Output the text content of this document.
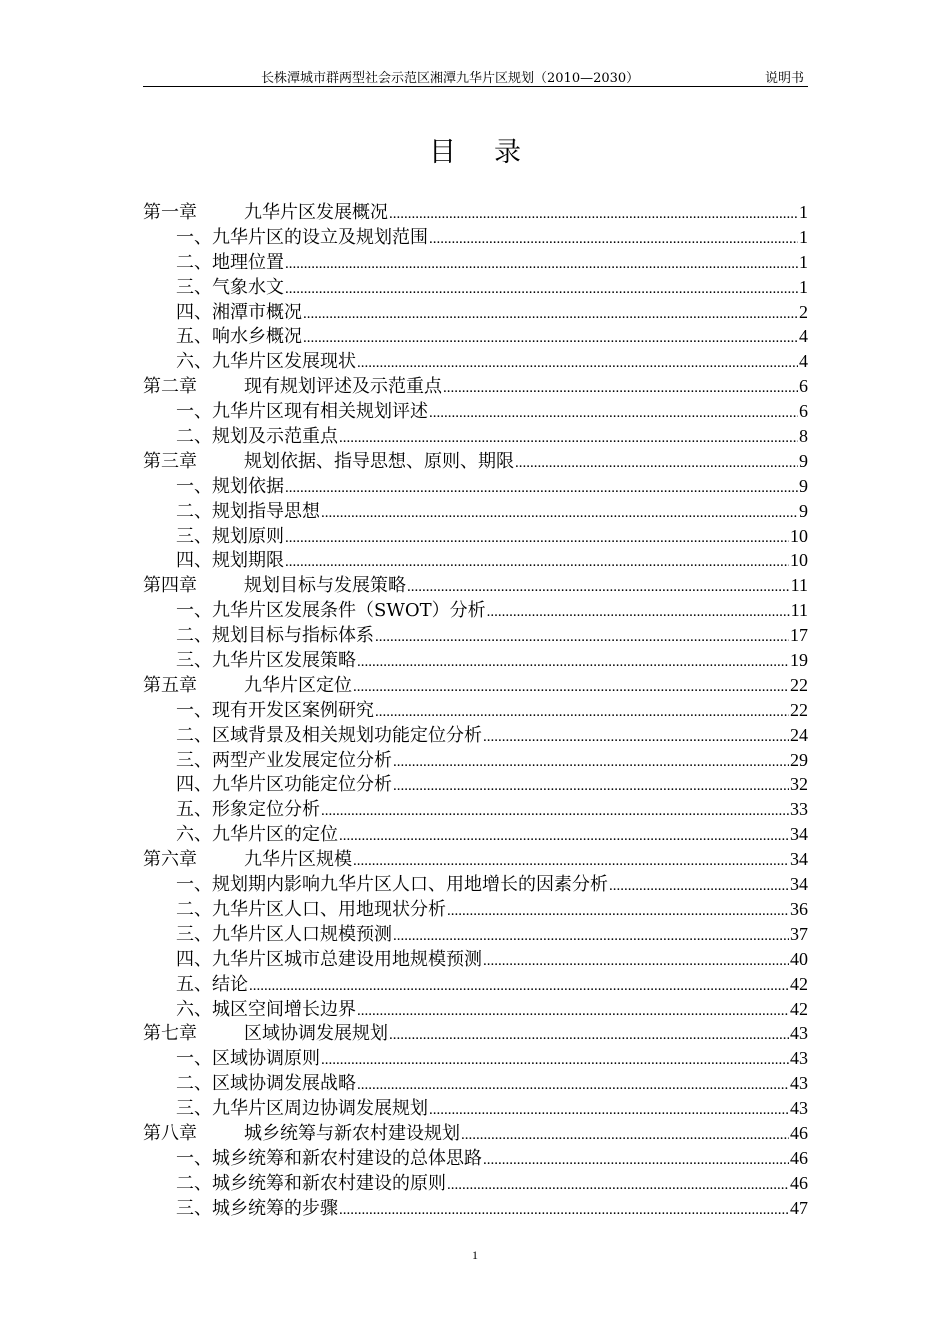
长株潭城市群两型社会示范区湘潭九华片区规划（2010—2030）	说明书
目录
第一章	九华片区发展概况 .....	1
一、九华片区的设立及规划范围 .....	1
二、地理位置 .....	1
三、气象水文 .....	1
四、湘潭市概况 .....	2
五、响水乡概况 .....	4
六、九华片区发展现状 .....	4
第二章	现有规划评述及示范重点 .....	6
一、九华片区现有相关规划评述 .....	6
二、规划及示范重点 .....	8
第三章	规划依据、指导思想、原则、期限 .....	9
一、规划依据 .....	9
二、规划指导思想 .....	9
三、规划原则 .....	10
四、规划期限 .....	10
第四章	规划目标与发展策略 .....	11
一、九华片区发展条件（SWOT）分析 .....	11
二、规划目标与指标体系 .....	17
三、九华片区发展策略 .....	19
第五章	九华片区定位 .....	22
一、现有开发区案例研究 .....	22
二、区域背景及相关规划功能定位分析 .....	24
三、两型产业发展定位分析 .....	29
四、九华片区功能定位分析 .....	32
五、形象定位分析 .....	33
六、九华片区的定位 .....	34
第六章	九华片区规模 .....	34
一、规划期内影响九华片区人口、用地增长的因素分析 .....	34
二、九华片区人口、用地现状分析 .....	36
三、九华片区人口规模预测 .....	37
四、九华片区城市总建设用地规模预测 .....	40
五、结论 .....	42
六、城区空间增长边界 .....	42
第七章	区域协调发展规划 .....	43
一、区域协调原则 .....	43
二、区域协调发展战略 .....	43
三、九华片区周边协调发展规划 .....	43
第八章	城乡统筹与新农村建设规划 .....	46
一、城乡统筹和新农村建设的总体思路 .....	46
二、城乡统筹和新农村建设的原则 .....	46
三、城乡统筹的步骤 .....	47
1
